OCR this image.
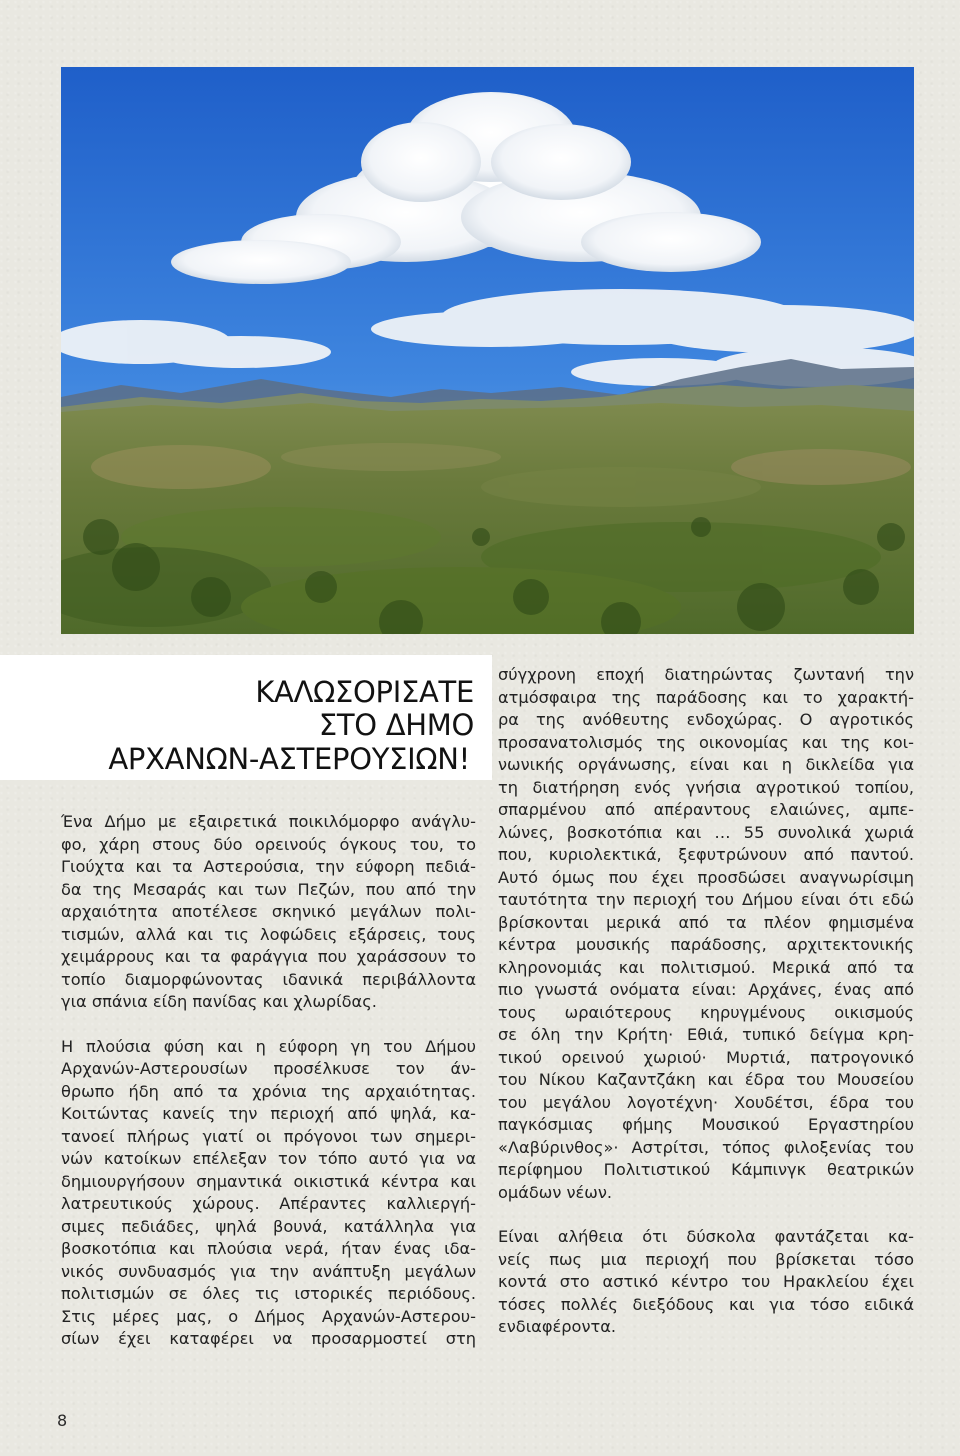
ΚΑΛΩΣΟΡΙΣΑΤΕ
ΣΤΟ ΔΗΜΟ
ΑΡΧΑΝΩΝ-ΑΣΤΕΡΟΥΣΙΩΝ!

Ένα Δήμο με εξαιρετικά ποικιλόμορφο ανάγλυ-
φο, χάρη στους δύο ορεινούς όγκους του, το
Γιούχτα και τα Αστερούσια, την εύφορη πεδιά-
δα της Μεσαράς και των Πεζών, που από την
αρχαιότητα αποτέλεσε σκηνικό μεγάλων πολι-
τισμών, αλλά και τις λοφώδεις εξάρσεις, τους
χειμάρρους και τα φαράγγια που χαράσσουν το
τοπίο διαμορφώνοντας ιδανικά περιβάλλοντα
για σπάνια είδη πανίδας και χλωρίδας.

Η πλούσια φύση και η εύφορη γη του Δήμου
Αρχανών-Αστερουσίων προσέλκυσε τον άν-
θρωπο ήδη από τα χρόνια της αρχαιότητας.
Κοιτώντας κανείς την περιοχή από ψηλά, κα-
τανοεί πλήρως γιατί οι πρόγονοι των σημερι-
νών κατοίκων επέλεξαν τον τόπο αυτό για να
δημιουργήσουν σημαντικά οικιστικά κέντρα και
λατρευτικούς χώρους. Απέραντες καλλιεργή-
σιμες πεδιάδες, ψηλά βουνά, κατάλληλα για
βοσκοτόπια και πλούσια νερά, ήταν ένας ιδα-
νικός συνδυασμός για την ανάπτυξη μεγάλων
πολιτισμών σε όλες τις ιστορικές περιόδους.
Στις μέρες μας, ο Δήμος Αρχανών-Αστερου-
σίων έχει καταφέρει να προσαρμοστεί στη

σύγχρονη εποχή διατηρώντας ζωντανή την
ατμόσφαιρα της παράδοσης και το χαρακτή-
ρα της ανόθευτης ενδοχώρας. Ο αγροτικός
προσανατολισμός της οικονομίας και της κοι-
νωνικής οργάνωσης, είναι και η δικλείδα για
τη διατήρηση ενός γνήσια αγροτικού τοπίου,
σπαρμένου από απέραντους ελαιώνες, αμπε-
λώνες, βοσκοτόπια και … 55 συνολικά χωριά
που, κυριολεκτικά, ξεφυτρώνουν από παντού.
Αυτό όμως που έχει προσδώσει αναγνωρίσιμη
ταυτότητα την περιοχή του Δήμου είναι ότι εδώ
βρίσκονται μερικά από τα πλέον φημισμένα
κέντρα μουσικής παράδοσης, αρχιτεκτονικής
κληρονομιάς και πολιτισμού. Μερικά από τα
πιο γνωστά ονόματα είναι: Αρχάνες, ένας από
τους ωραιότερους κηρυγμένους οικισμούς
σε όλη την Κρήτη· Εθιά, τυπικό δείγμα κρη-
τικού ορεινού χωριού· Μυρτιά, πατρογονικό
του Νίκου Καζαντζάκη και έδρα του Μουσείου
του μεγάλου λογοτέχνη· Χουδέτσι, έδρα του
παγκόσμιας φήμης Μουσικού Εργαστηρίου
«Λαβύρινθος»· Αστρίτσι, τόπος φιλοξενίας του
περίφημου Πολιτιστικού Κάμπινγκ θεατρικών
ομάδων νέων.

Είναι αλήθεια ότι δύσκολα φαντάζεται κα-
νείς πως μια περιοχή που βρίσκεται τόσο
κοντά στο αστικό κέντρο του Ηρακλείου έχει
τόσες πολλές διεξόδους και για τόσο ειδικά
ενδιαφέροντα.

8
